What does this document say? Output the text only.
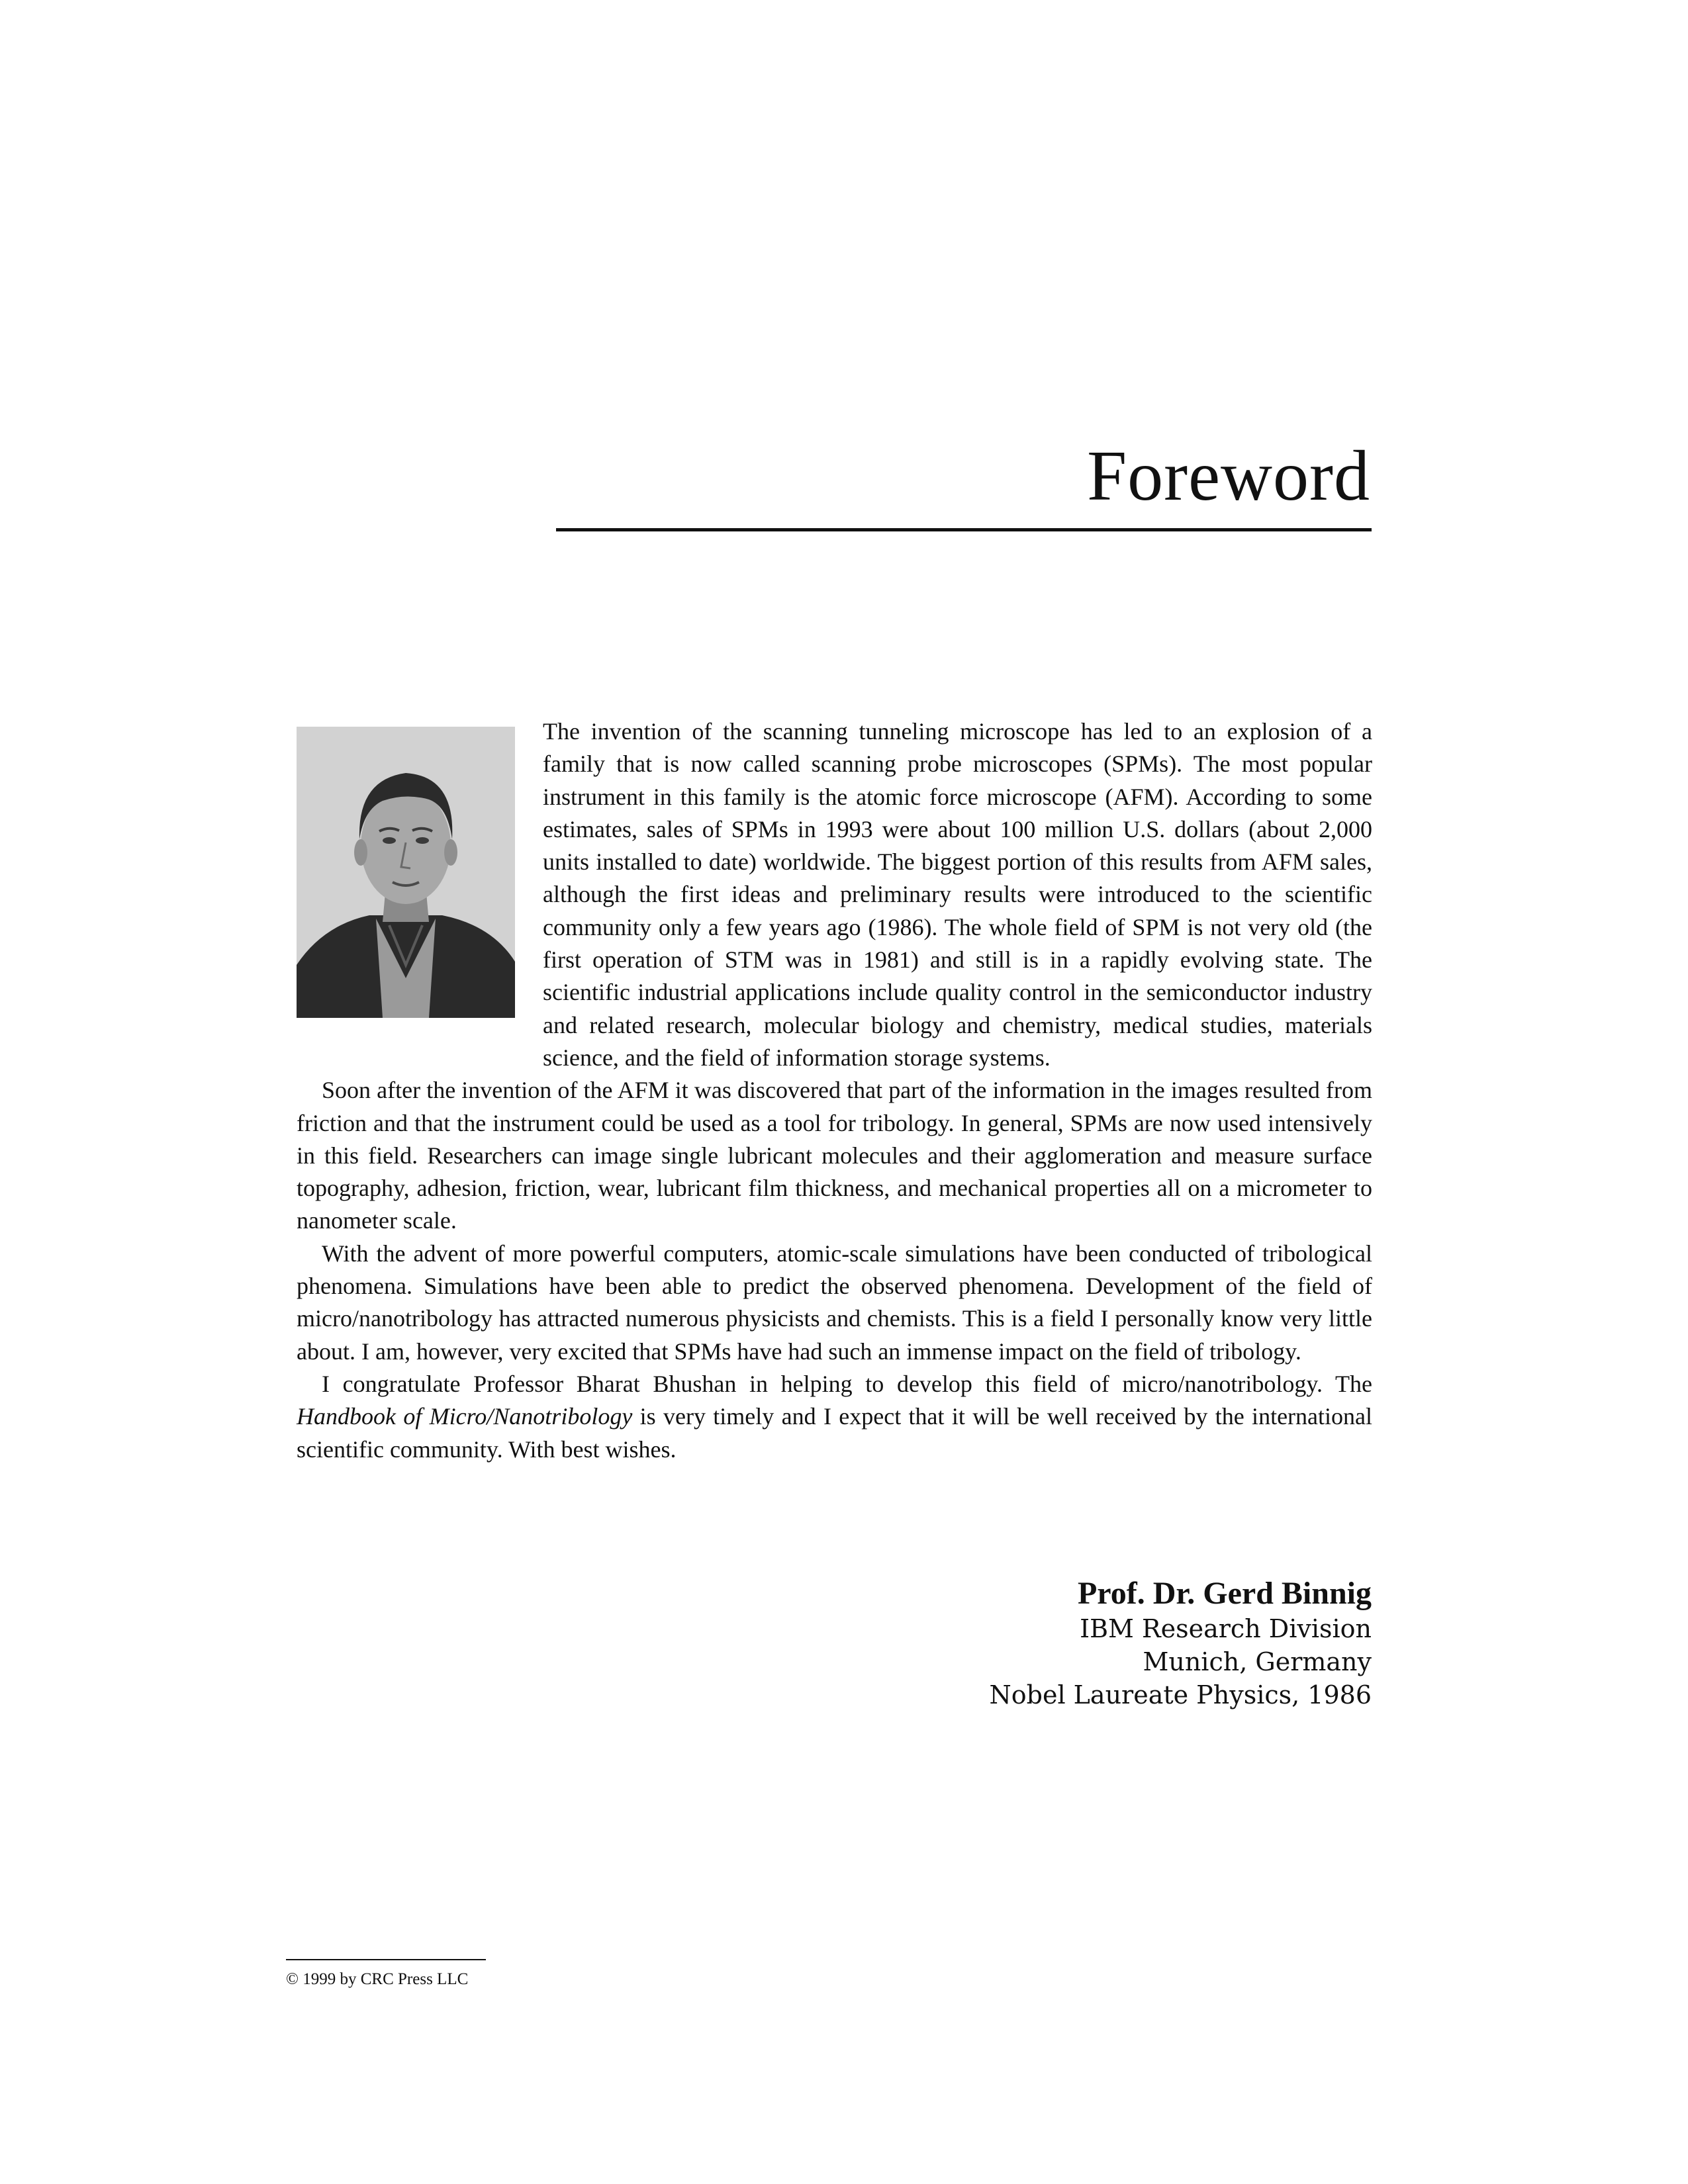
Foreword

The invention of the scanning tunneling microscope has led to an explosion of a family that is now called scanning probe microscopes (SPMs). The most popular instrument in this family is the atomic force microscope (AFM). According to some estimates, sales of SPMs in 1993 were about 100 million U.S. dollars (about 2,000 units installed to date) worldwide. The biggest portion of this results from AFM sales, although the first ideas and preliminary results were introduced to the scientific community only a few years ago (1986). The whole field of SPM is not very old (the first operation of STM was in 1981) and still is in a rapidly evolving state. The scientific industrial applications include quality control in the semiconductor industry and related research, molecular biology and chemistry, medical studies, materials science, and the field of information storage systems.

Soon after the invention of the AFM it was discovered that part of the information in the images resulted from friction and that the instrument could be used as a tool for tribology. In general, SPMs are now used intensively in this field. Researchers can image single lubricant molecules and their agglomeration and measure surface topography, adhesion, friction, wear, lubricant film thickness, and mechanical properties all on a micrometer to nanometer scale.

With the advent of more powerful computers, atomic-scale simulations have been conducted of tribological phenomena. Simulations have been able to predict the observed phenomena. Development of the field of micro/nanotribology has attracted numerous physicists and chemists. This is a field I personally know very little about. I am, however, very excited that SPMs have had such an immense impact on the field of tribology.

I congratulate Professor Bharat Bhushan in helping to develop this field of micro/nanotribology. The Handbook of Micro/Nanotribology is very timely and I expect that it will be well received by the international scientific community. With best wishes.

Prof. Dr. Gerd Binnig
IBM Research Division
Munich, Germany
Nobel Laureate Physics, 1986
© 1999 by CRC Press LLC
